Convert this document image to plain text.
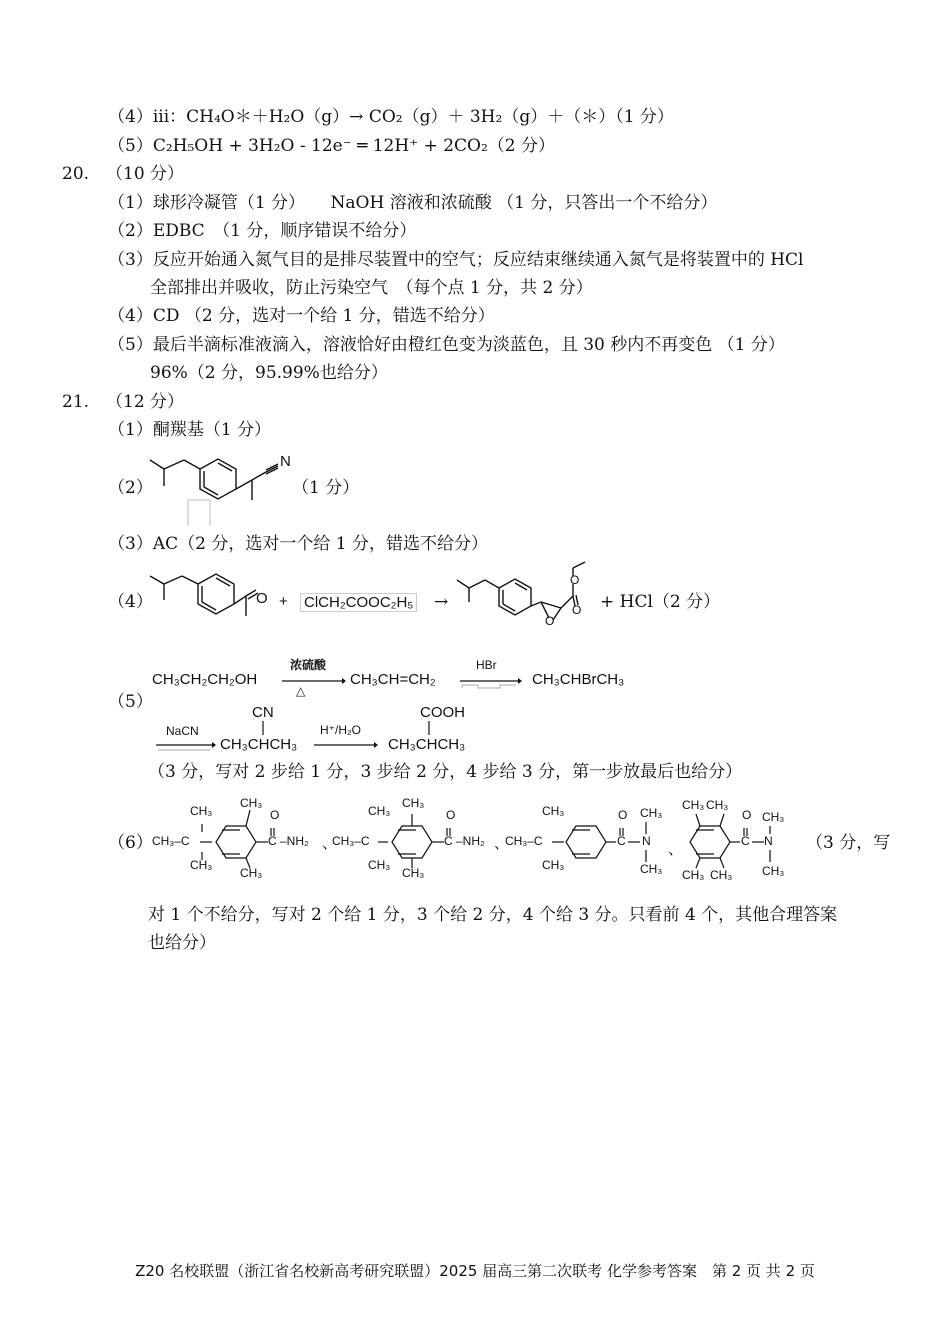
（4）iii：CH₄O＊＋H₂O（g）→ CO₂（g）＋ 3H₂（g）＋（＊）（1 分）
（5）C₂H₅OH + 3H₂O - 12e⁻ ═ 12H⁺ + 2CO₂（2 分）
20. （10 分）
（1）球形冷凝管（1 分）　　NaOH 溶液和浓硫酸 （1 分，只答出一个不给分）
（2）EDBC　（1 分，顺序错误不给分）
（3）反应开始通入氮气目的是排尽装置中的空气；反应结束继续通入氮气是将装置中的 HCl
全部排出并吸收，防止污染空气　（每个点 1 分，共 2 分）
（4）CD （2 分，选对一个给 1 分，错选不给分）
（5）最后半滴标准液滴入，溶液恰好由橙红色变为淡蓝色，且 30 秒内不再变色 （1 分）
96%（2 分，95.99%也给分）
21. （12 分）
（1）酮羰基（1 分）
（2）
N
（1 分）
（3）AC（2 分，选对一个给 1 分，错选不给分）
（4）	O + ClCH₂COOC₂H₅ →
O
O
O
+ HCl（2 分）
（5）
CH₃CH₂CH₂OH
浓硫酸
△
CH₃CH=CH₂
HBr
CH₃CHBrCH₃
NaCN
CN
CH₃CHCH₃
H⁺/H₂O
COOH
CH₃CHCH₃
（3 分，写对 2 步给 1 分，3 步给 2 分，4 步给 3 分，第一步放最后也给分）
（6）
CH₃
CH₃–C
CH₃
CH₃
CH₃
O
C –NH₂ 、
CH₃
CH₃–C
CH₃
CH₃
CH₃
O
C –NH₂ 、
CH₃
CH₃–C
CH₃
O
C N
CH₃
CH₃
、
CH₃ CH₃
CH₃ CH₃
O
C N
CH₃
CH₃
（3 分，写
对 1 个不给分，写对 2 个给 1 分，3 个给 2 分，4 个给 3 分。只看前 4 个，其他合理答案
也给分）
Z20 名校联盟（浙江省名校新高考研究联盟）2025 届高三第二次联考 化学参考答案　第 2 页 共 2 页
